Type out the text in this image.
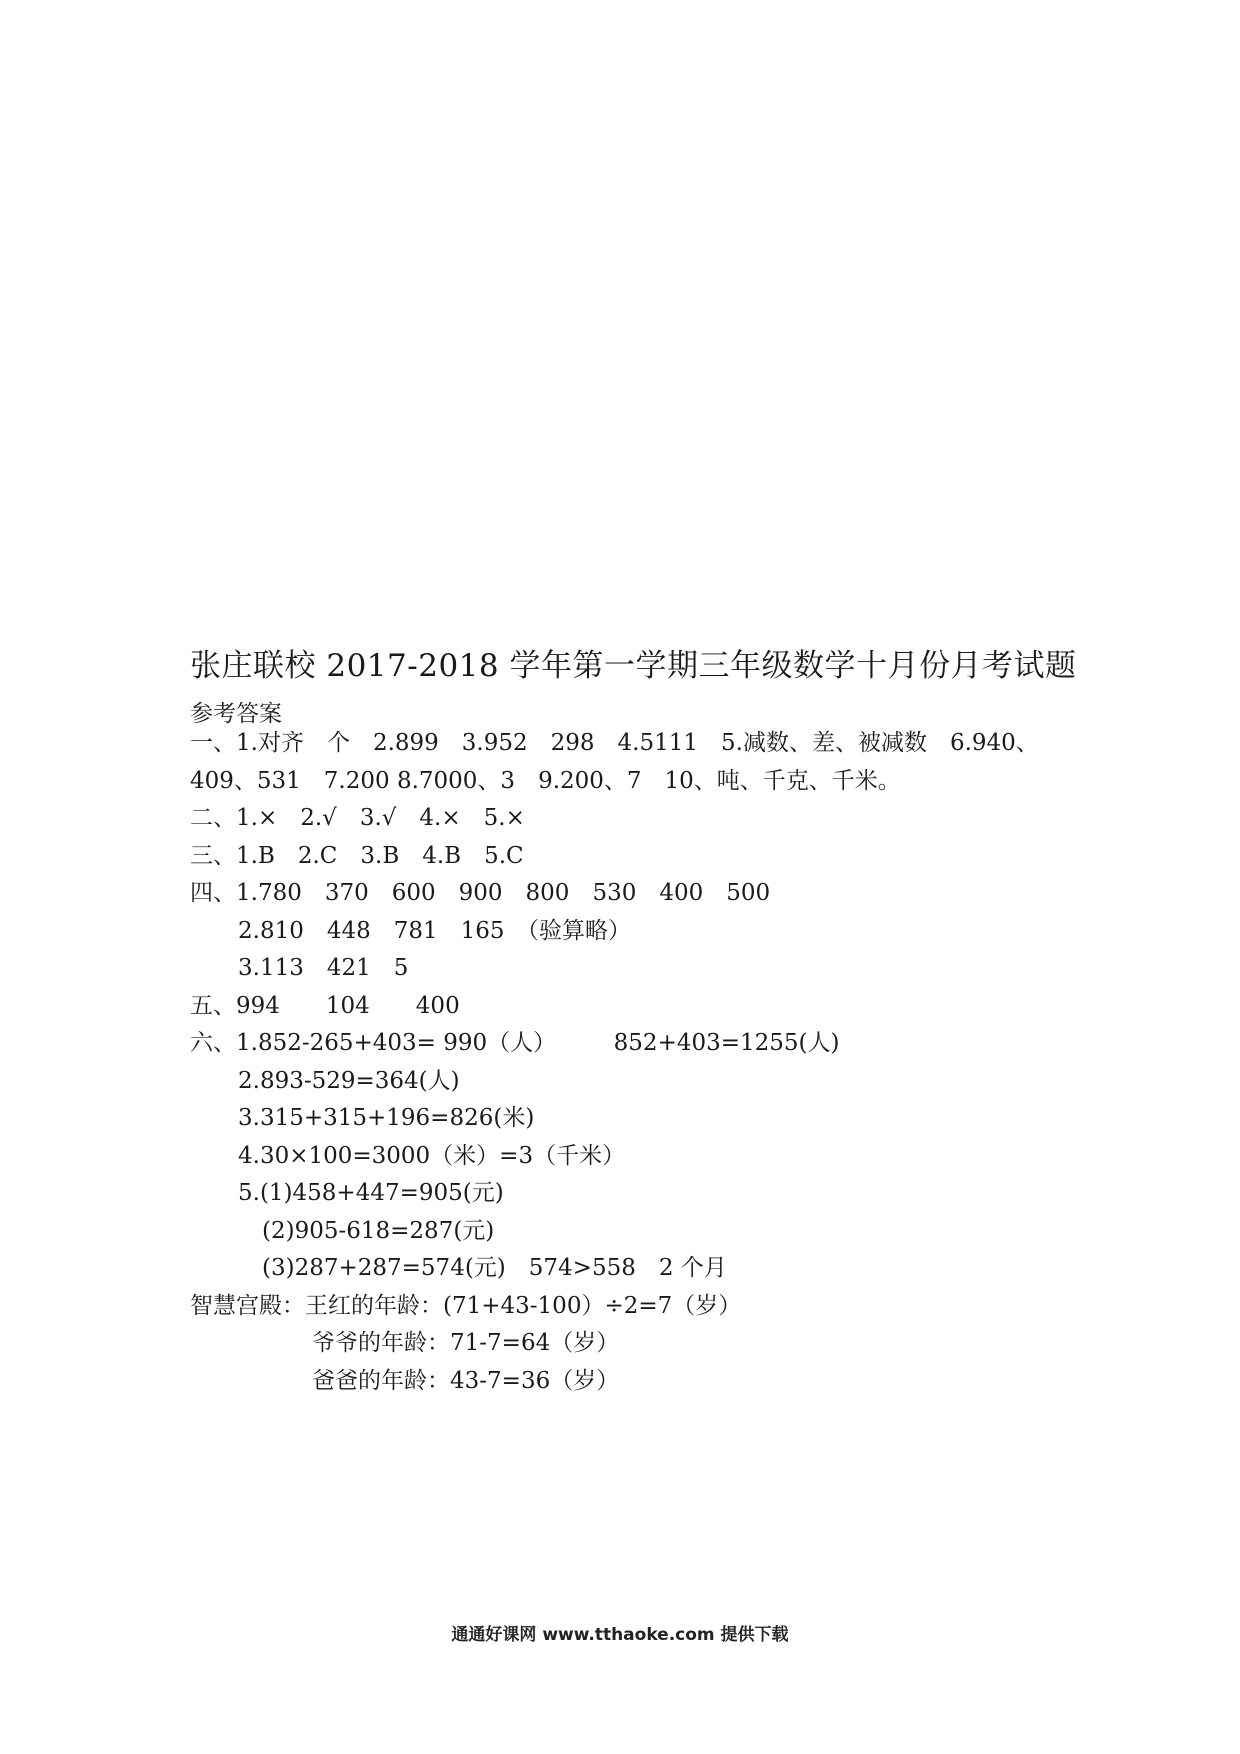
张庄联校 2017-2018 学年第一学期三年级数学十月份月考试题
参考答案
一、1.对齐　个　2.899　3.952　298　4.5111　5.减数、差、被减数　6.940、
409、531　7.200 8.7000、3　9.200、7　10、吨、千克、千米。
二、1.×　2.√　3.√　4.×　5.×
三、1.B　2.C　3.B　4.B　5.C
四、1.780　370　600　900　800　530　400　500
2.810　448　781　165　（验算略）
3.113　421　5
五、994　　104　　400
六、1.852-265+403= 990（人）　　　852+403=1255(人)
2.893-529=364(人)
3.315+315+196=826(米)
4.30×100=3000（米）=3（千米）
5.(1)458+447=905(元)
(2)905-618=287(元)
(3)287+287=574(元)　574>558　2 个月
智慧宫殿：王红的年龄：(71+43-100）÷2=7（岁）
爷爷的年龄：71-7=64（岁）
爸爸的年龄：43-7=36（岁）
通通好课网 www.tthaoke.com 提供下载
